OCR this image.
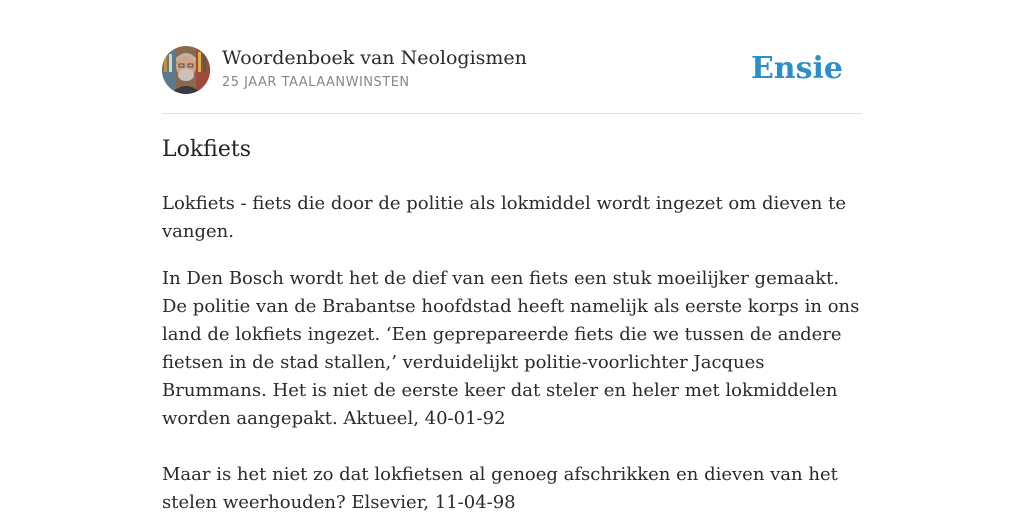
Woordenboek van Neologismen
25 JAAR TAALAANWINSTEN	Ensie
Lokfiets

Lokfiets - fiets die door de politie als lokmiddel wordt ingezet om dieven te vangen.

In Den Bosch wordt het de dief van een fiets een stuk moeilijker gemaakt. De politie van de Brabantse hoofdstad heeft namelijk als eerste korps in ons land de lokfiets ingezet. ‘Een geprepareerde fiets die we tussen de andere fietsen in de stad stallen,’ verduidelijkt politie-voorlichter Jacques Brummans. Het is niet de eerste keer dat steler en heler met lokmiddelen worden aangepakt. Aktueel, 40-01-92

Maar is het niet zo dat lokfietsen al genoeg afschrikken en dieven van het stelen weerhouden? Elsevier, 11-04-98
